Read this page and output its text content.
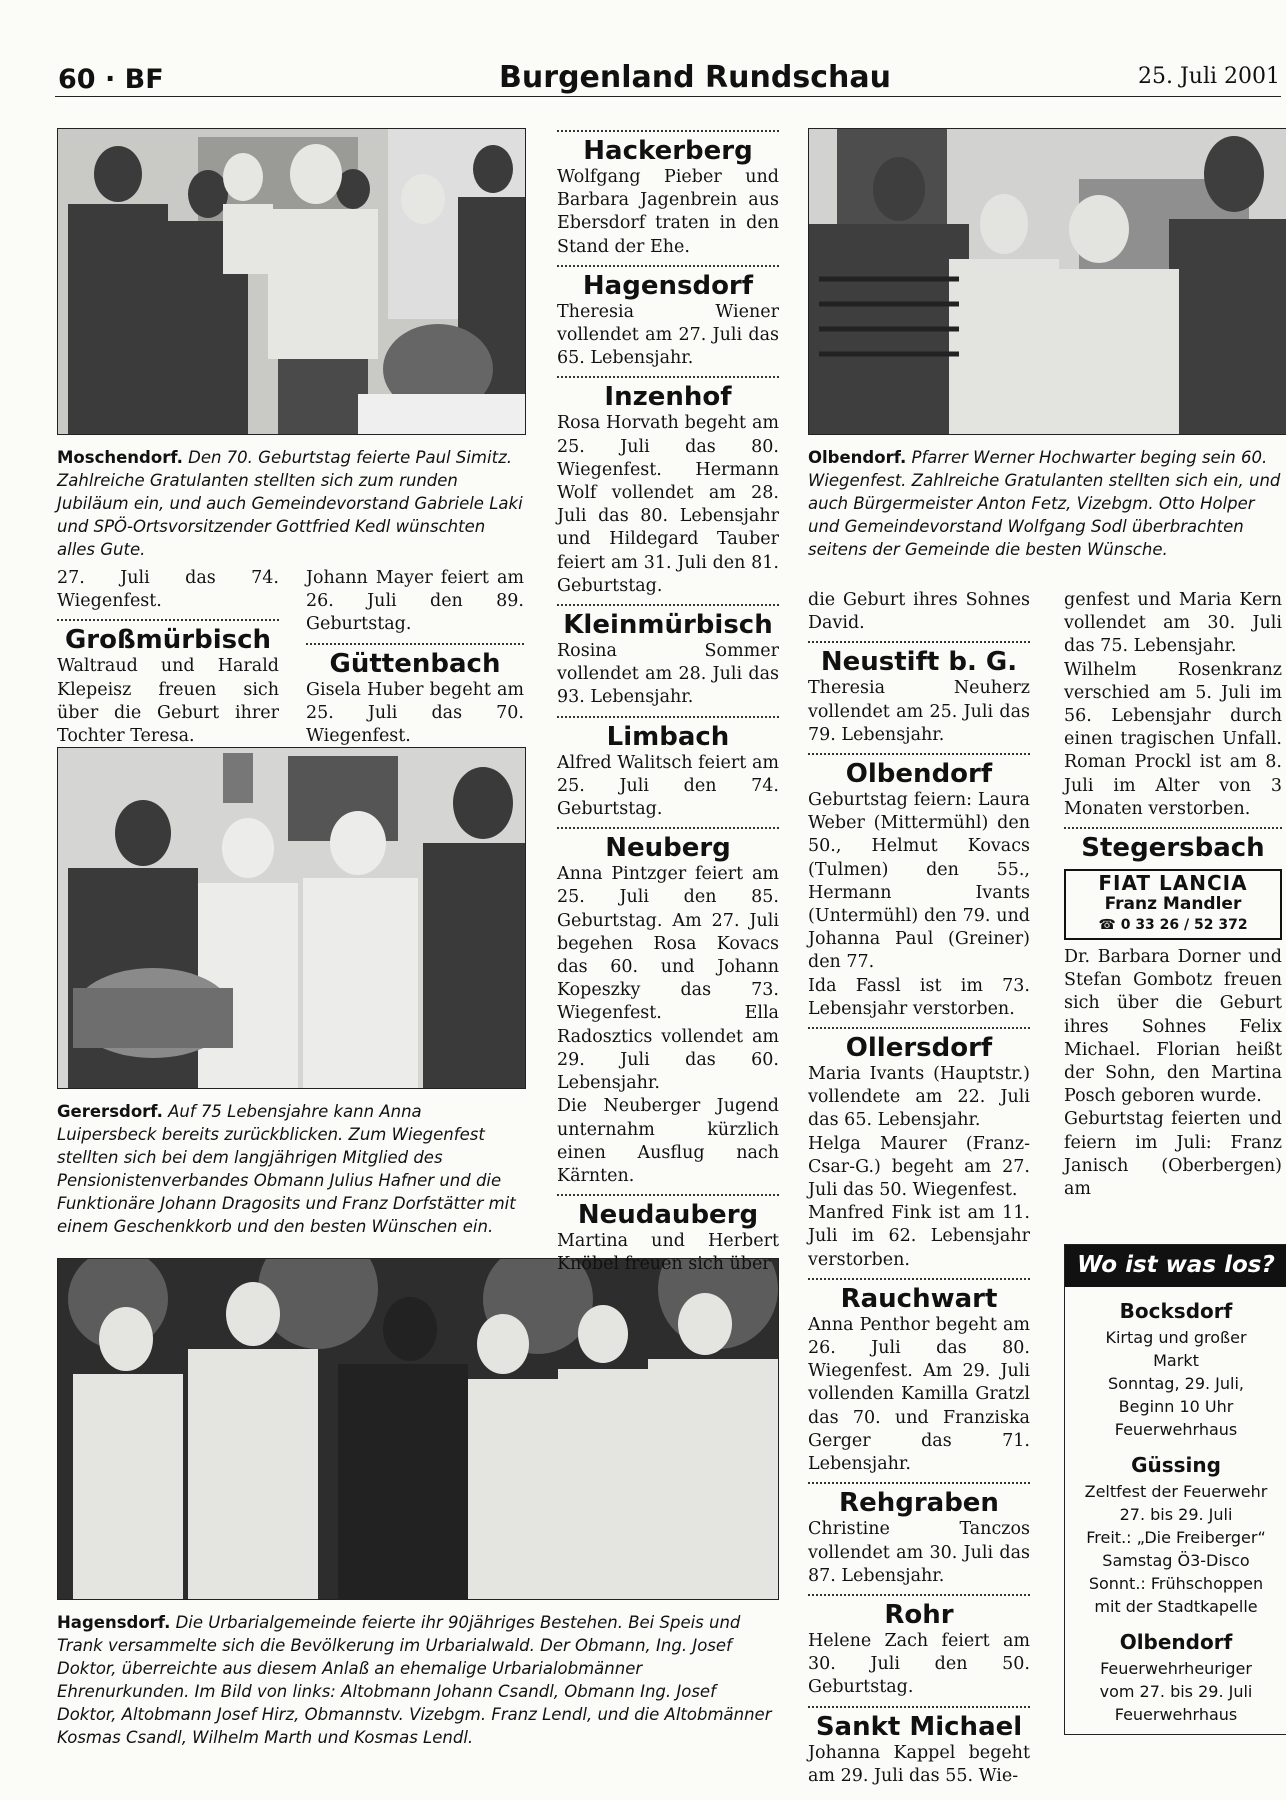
60 · BF	Burgenland Rundschau	25. Juli 2001

Moschendorf. Den 70. Geburtstag feierte Paul Simitz. Zahlreiche Gratulanten stellten sich zum runden Jubiläum ein, und auch Gemeindevorstand Gabriele Laki und SPÖ-Ortsvorsitzender Gottfried Kedl wünschten alles Gute.

Olbendorf. Pfarrer Werner Hochwarter beging sein 60. Wiegenfest. Zahlreiche Gratulanten stellten sich ein, und auch Bürgermeister Anton Fetz, Vizebgm. Otto Holper und Gemeindevorstand Wolfgang Sodl überbrachten seitens der Gemeinde die besten Wünsche.

27. Juli das 74. Wiegenfest.

Großmürbisch

Waltraud und Harald Klepeisz freuen sich über die Geburt ihrer Tochter Teresa.

Johann Mayer feiert am 26. Juli den 89. Geburtstag.

Güttenbach

Gisela Huber begeht am 25. Juli das 70. Wiegenfest.

Gerersdorf. Auf 75 Lebensjahre kann Anna Luipersbeck bereits zurückblicken. Zum Wiegenfest stellten sich bei dem langjährigen Mitglied des Pensionistenverbandes Obmann Julius Hafner und die Funktionäre Johann Dragosits und Franz Dorfstätter mit einem Geschenkkorb und den besten Wünschen ein.

Hagensdorf. Die Urbarialgemeinde feierte ihr 90jähriges Bestehen. Bei Speis und Trank versammelte sich die Bevölkerung im Urbarialwald. Der Obmann, Ing. Josef Doktor, überreichte aus diesem Anlaß an ehemalige Urbarialobmänner Ehrenurkunden. Im Bild von links: Altobmann Johann Csandl, Obmann Ing. Josef Doktor, Altobmann Josef Hirz, Obmannstv. Vizebgm. Franz Lendl, und die Altobmänner Kosmas Csandl, Wilhelm Marth und Kosmas Lendl.

Hackerberg

Wolfgang Pieber und Barbara Jagenbrein aus Ebersdorf traten in den Stand der Ehe.

Hagensdorf

Theresia Wiener vollendet am 27. Juli das 65. Lebensjahr.

Inzenhof

Rosa Horvath begeht am 25. Juli das 80. Wiegenfest. Hermann Wolf vollendet am 28. Juli das 80. Lebensjahr und Hildegard Tauber feiert am 31. Juli den 81. Geburtstag.

Kleinmürbisch

Rosina Sommer vollendet am 28. Juli das 93. Lebensjahr.

Limbach

Alfred Walitsch feiert am 25. Juli den 74. Geburtstag.

Neuberg

Anna Pintzger feiert am 25. Juli den 85. Geburtstag. Am 27. Juli begehen Rosa Kovacs das 60. und Johann Kopeszky das 73. Wiegenfest. Ella Radosztics vollendet am 29. Juli das 60. Lebensjahr.

Die Neuberger Jugend unternahm kürzlich einen Ausflug nach Kärnten.

Neudauberg

Martina und Herbert Knöbel freuen sich über

die Geburt ihres Sohnes David.

Neustift b. G.

Theresia Neuherz vollendet am 25. Juli das 79. Lebensjahr.

Olbendorf

Geburtstag feiern: Laura Weber (Mittermühl) den 50., Helmut Kovacs (Tulmen) den 55., Hermann Ivants (Untermühl) den 79. und Johanna Paul (Greiner) den 77.

Ida Fassl ist im 73. Lebensjahr verstorben.

Ollersdorf

Maria Ivants (Hauptstr.) vollendete am 22. Juli das 65. Lebensjahr.

Helga Maurer (Franz-Csar-G.) begeht am 27. Juli das 50. Wiegenfest.

Manfred Fink ist am 11. Juli im 62. Lebensjahr verstorben.

Rauchwart

Anna Penthor begeht am 26. Juli das 80. Wiegenfest. Am 29. Juli vollenden Kamilla Gratzl das 70. und Franziska Gerger das 71. Lebensjahr.

Rehgraben

Christine Tanczos vollendet am 30. Juli das 87. Lebensjahr.

Rohr

Helene Zach feiert am 30. Juli den 50. Geburtstag.

Sankt Michael

Johanna Kappel begeht am 29. Juli das 55. Wie-

genfest und Maria Kern vollendet am 30. Juli das 75. Lebensjahr.

Wilhelm Rosenkranz verschied am 5. Juli im 56. Lebensjahr durch einen tragischen Unfall. Roman Prockl ist am 8. Juli im Alter von 3 Monaten verstorben.

Stegersbach
FIAT LANCIA
Franz Mandler
☎ 0 33 26 / 52 372

Dr. Barbara Dorner und Stefan Gombotz freuen sich über die Geburt ihres Sohnes Felix Michael. Florian heißt der Sohn, den Martina Posch geboren wurde.

Geburtstag feierten und feiern im Juli: Franz Janisch (Oberbergen) am

Wo ist was los?
Bocksdorf

Kirtag und großer

Markt

Sonntag, 29. Juli,

Beginn 10 Uhr

Feuerwehrhaus

Güssing

Zeltfest der Feuerwehr

27. bis 29. Juli

Freit.: „Die Freiberger“

Samstag Ö3-Disco

Sonnt.: Frühschoppen

mit der Stadtkapelle

Olbendorf

Feuerwehrheuriger

vom 27. bis 29. Juli

Feuerwehrhaus
